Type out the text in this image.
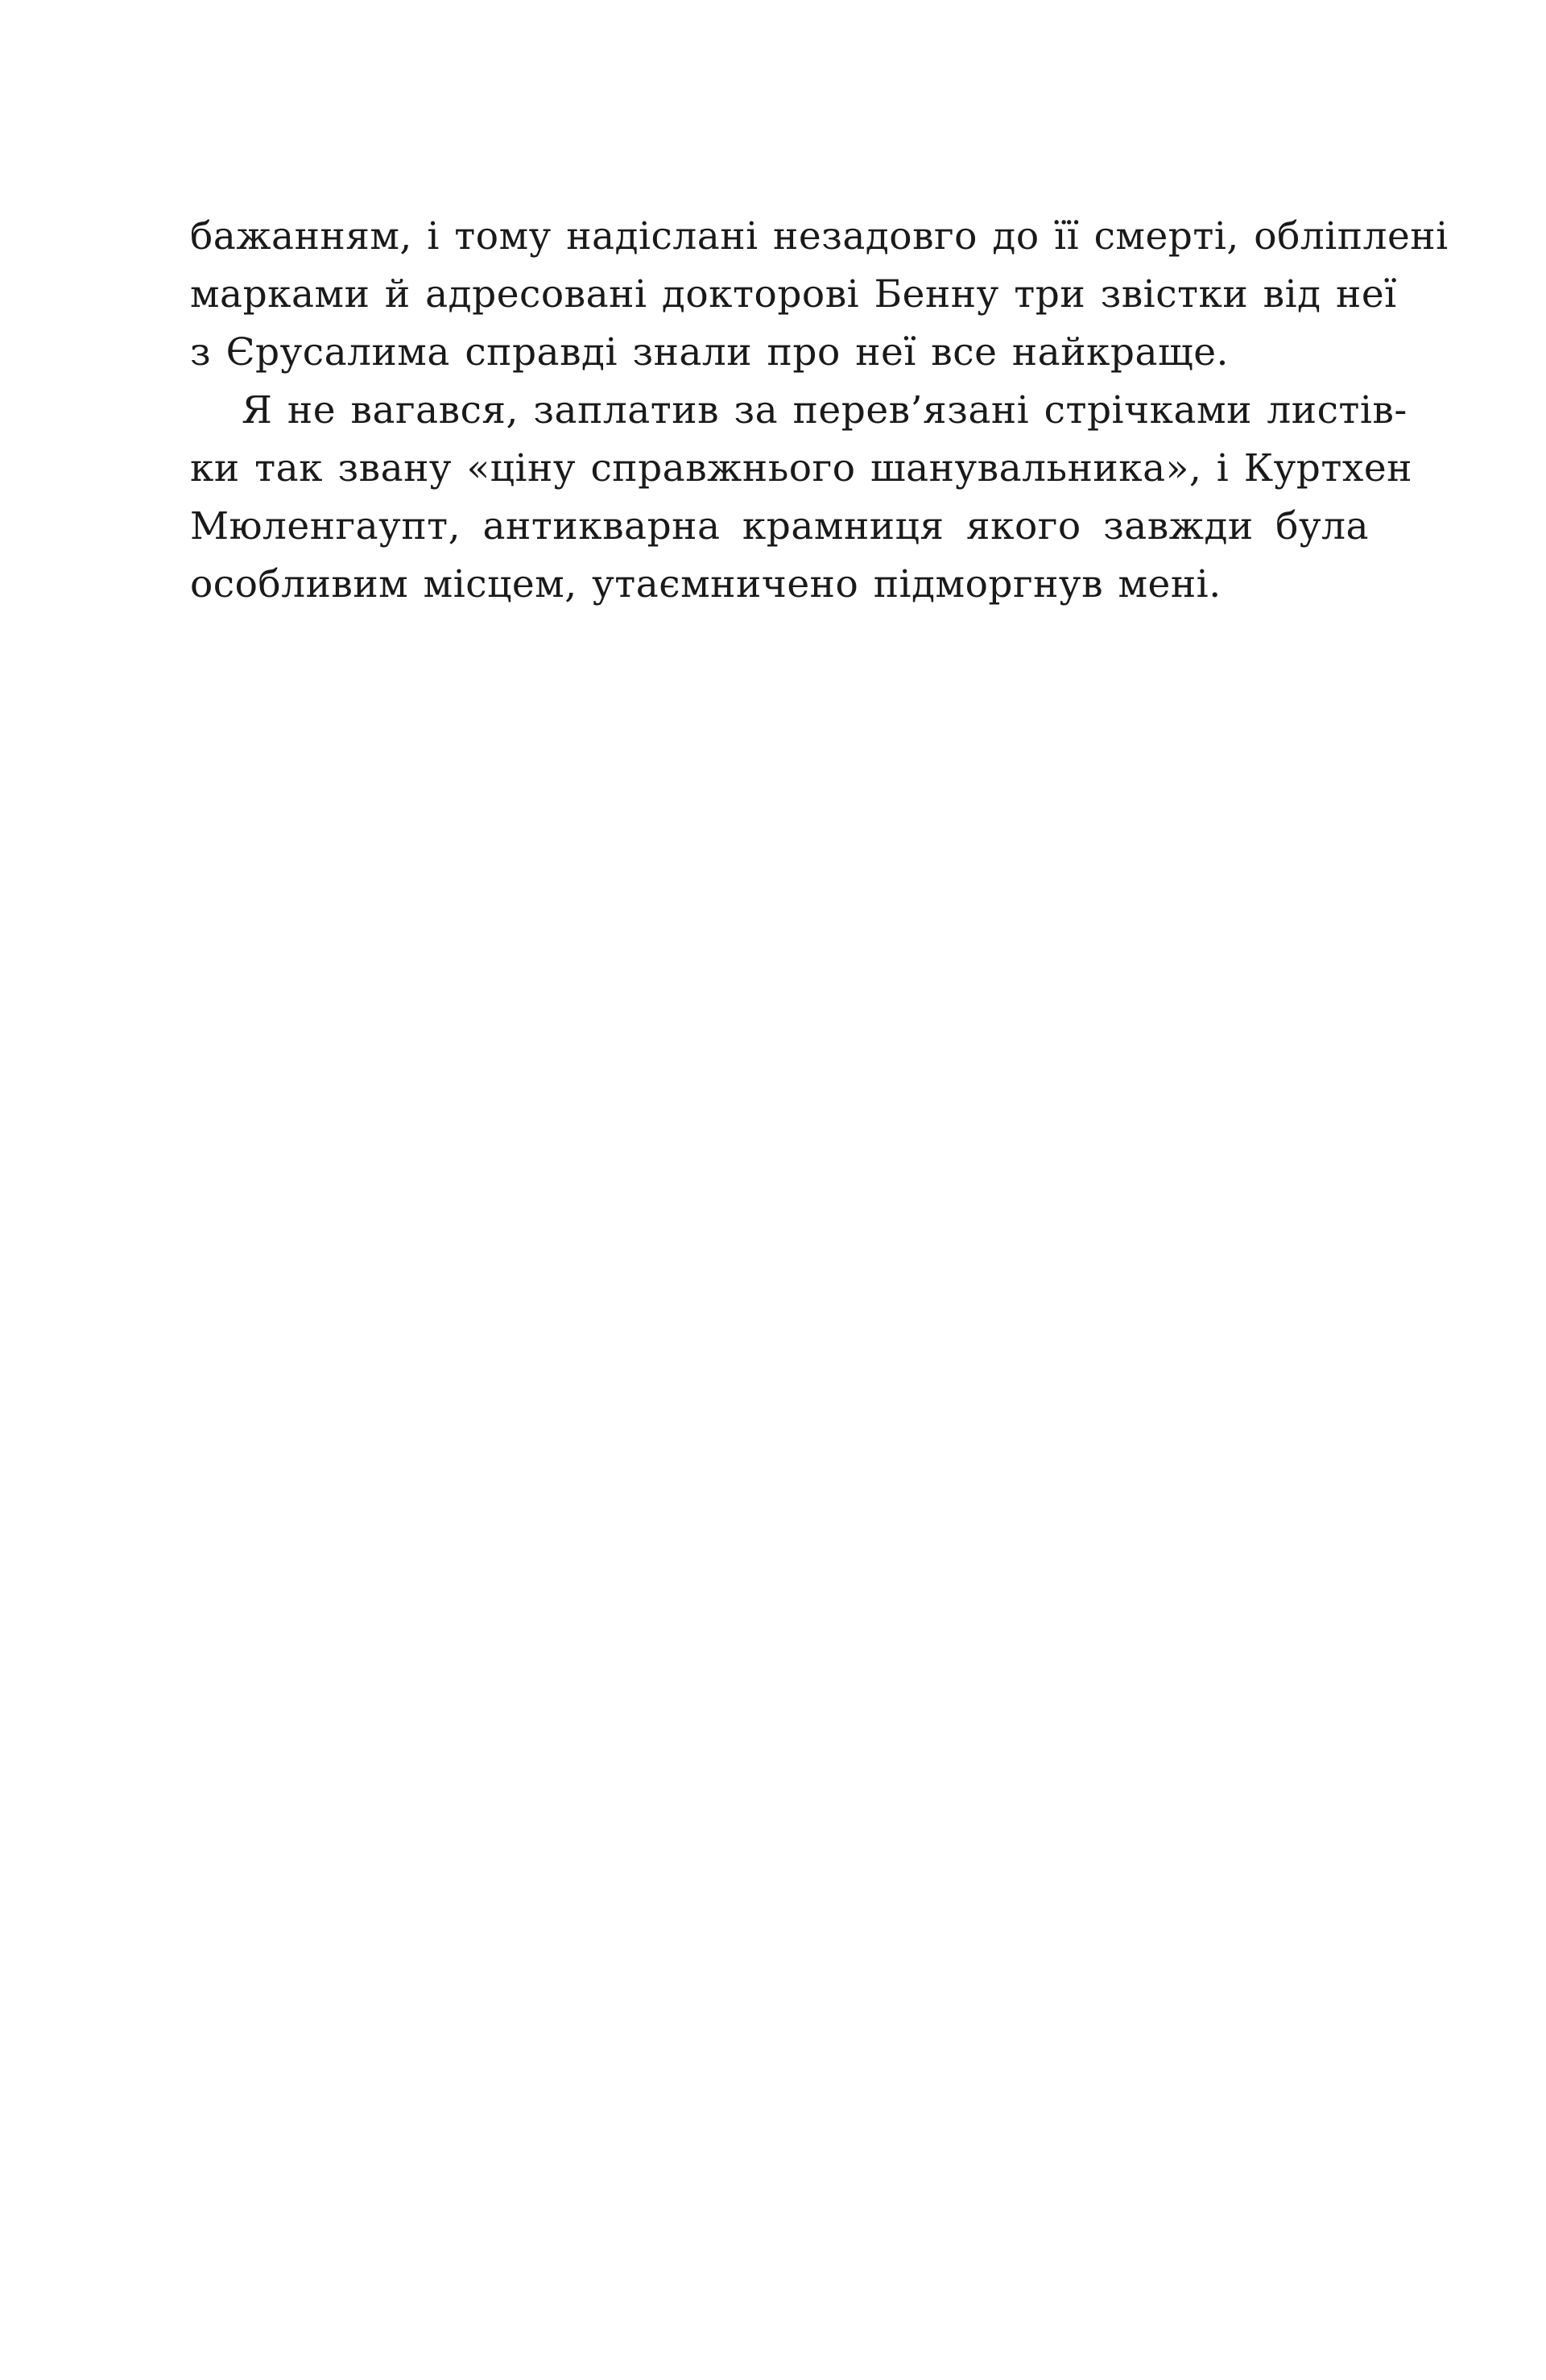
бажанням, і тому надіслані незадовго до її смерті, обліплені
марками й адресовані докторові Бенну три звістки від неї
з Єрусалима справді знали про неї все найкраще.
Я не вагався, заплатив за перев’язані стрічками листів-
ки так звану «ціну справжнього шанувальника», і Куртхен
Мюленгаупт, антикварна крамниця якого завжди була
особливим місцем, утаємничено підморгнув мені.
